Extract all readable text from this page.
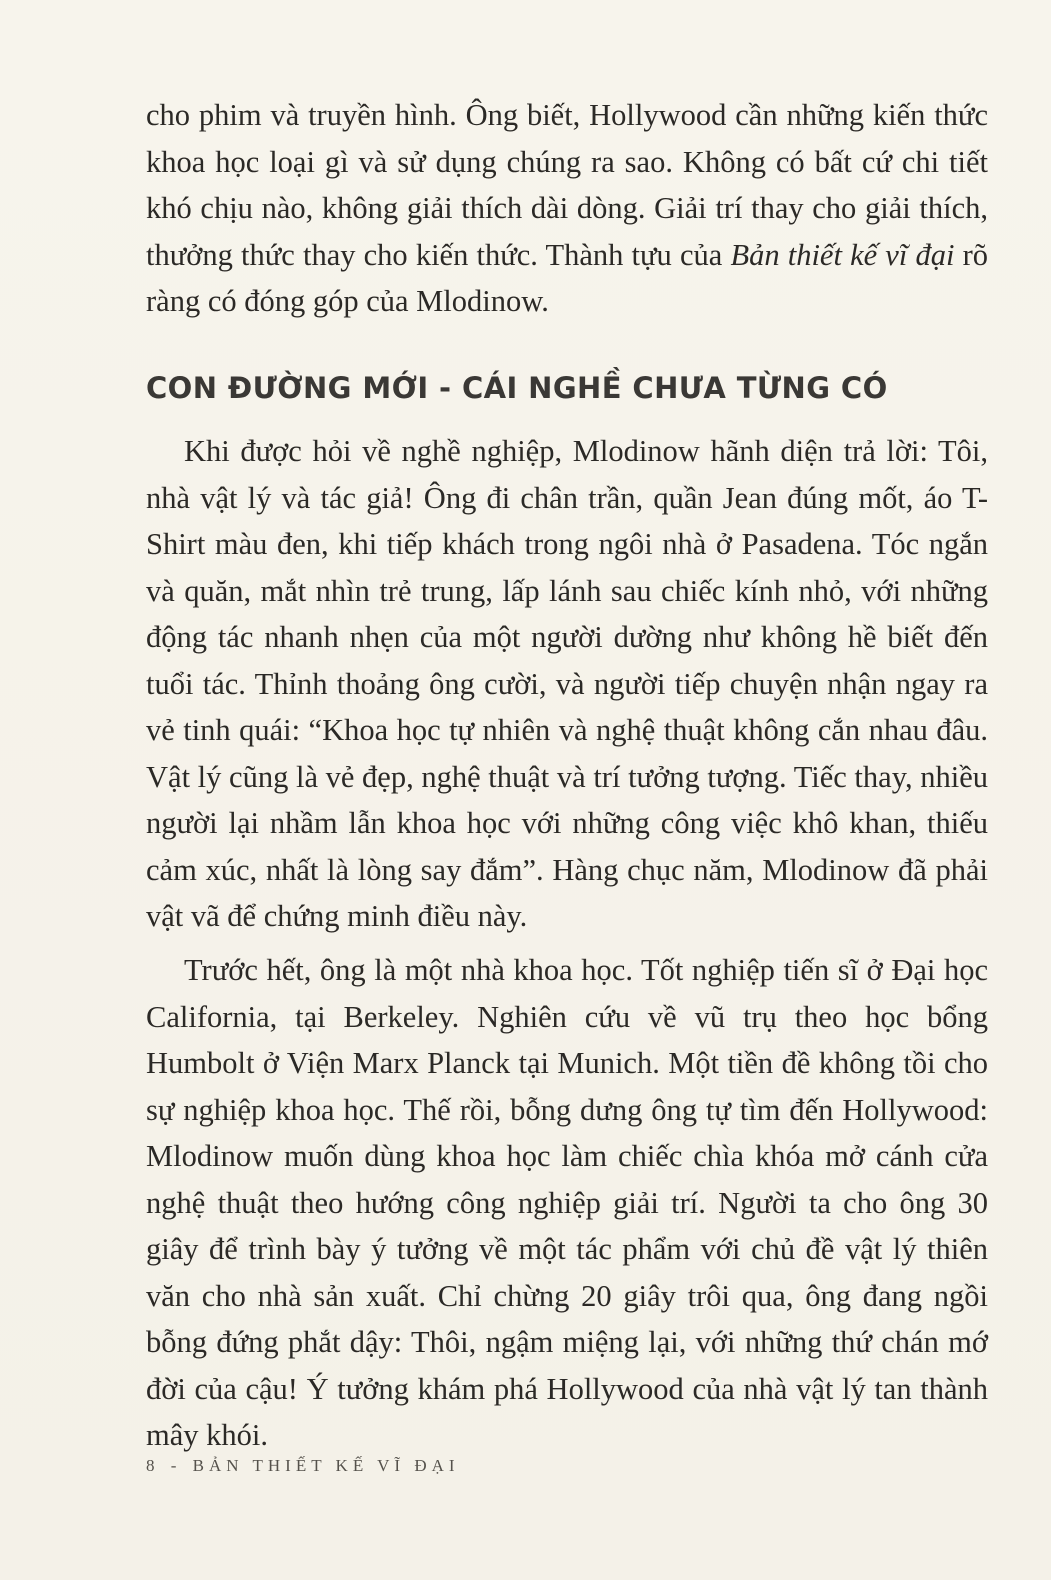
cho phim và truyền hình. Ông biết, Hollywood cần những kiến thức khoa học loại gì và sử dụng chúng ra sao. Không có bất cứ chi tiết khó chịu nào, không giải thích dài dòng. Giải trí thay cho giải thích, thưởng thức thay cho kiến thức. Thành tựu của Bản thiết kế vĩ đại rõ ràng có đóng góp của Mlodinow.

CON ĐƯỜNG MỚI - CÁI NGHỀ CHƯA TỪNG CÓ

Khi được hỏi về nghề nghiệp, Mlodinow hãnh diện trả lời: Tôi, nhà vật lý và tác giả! Ông đi chân trần, quần Jean đúng mốt, áo T-Shirt màu đen, khi tiếp khách trong ngôi nhà ở Pasadena. Tóc ngắn và quăn, mắt nhìn trẻ trung, lấp lánh sau chiếc kính nhỏ, với những động tác nhanh nhẹn của một người dường như không hề biết đến tuổi tác. Thỉnh thoảng ông cười, và người tiếp chuyện nhận ngay ra vẻ tinh quái: “Khoa học tự nhiên và nghệ thuật không cắn nhau đâu. Vật lý cũng là vẻ đẹp, nghệ thuật và trí tưởng tượng. Tiếc thay, nhiều người lại nhầm lẫn khoa học với những công việc khô khan, thiếu cảm xúc, nhất là lòng say đắm”. Hàng chục năm, Mlodinow đã phải vật vã để chứng minh điều này.

Trước hết, ông là một nhà khoa học. Tốt nghiệp tiến sĩ ở Đại học California, tại Berkeley. Nghiên cứu về vũ trụ theo học bổng Humbolt ở Viện Marx Planck tại Munich. Một tiền đề không tồi cho sự nghiệp khoa học. Thế rồi, bỗng dưng ông tự tìm đến Hollywood: Mlodinow muốn dùng khoa học làm chiếc chìa khóa mở cánh cửa nghệ thuật theo hướng công nghiệp giải trí. Người ta cho ông 30 giây để trình bày ý tưởng về một tác phẩm với chủ đề vật lý thiên văn cho nhà sản xuất. Chỉ chừng 20 giây trôi qua, ông đang ngồi bỗng đứng phắt dậy: Thôi, ngậm miệng lại, với những thứ chán mớ đời của cậu! Ý tưởng khám phá Hollywood của nhà vật lý tan thành mây khói.

8 - BẢN THIẾT KẾ VĨ ĐẠI
